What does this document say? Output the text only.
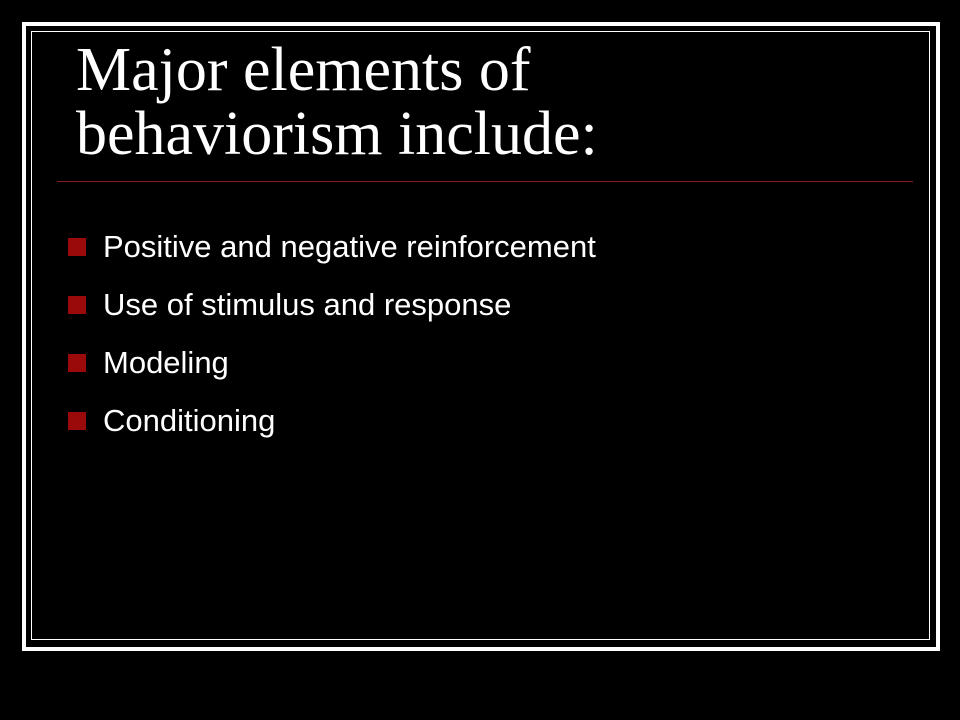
Major elements of
behaviorism include:
Positive and negative reinforcement
Use of stimulus and response
Modeling
Conditioning
